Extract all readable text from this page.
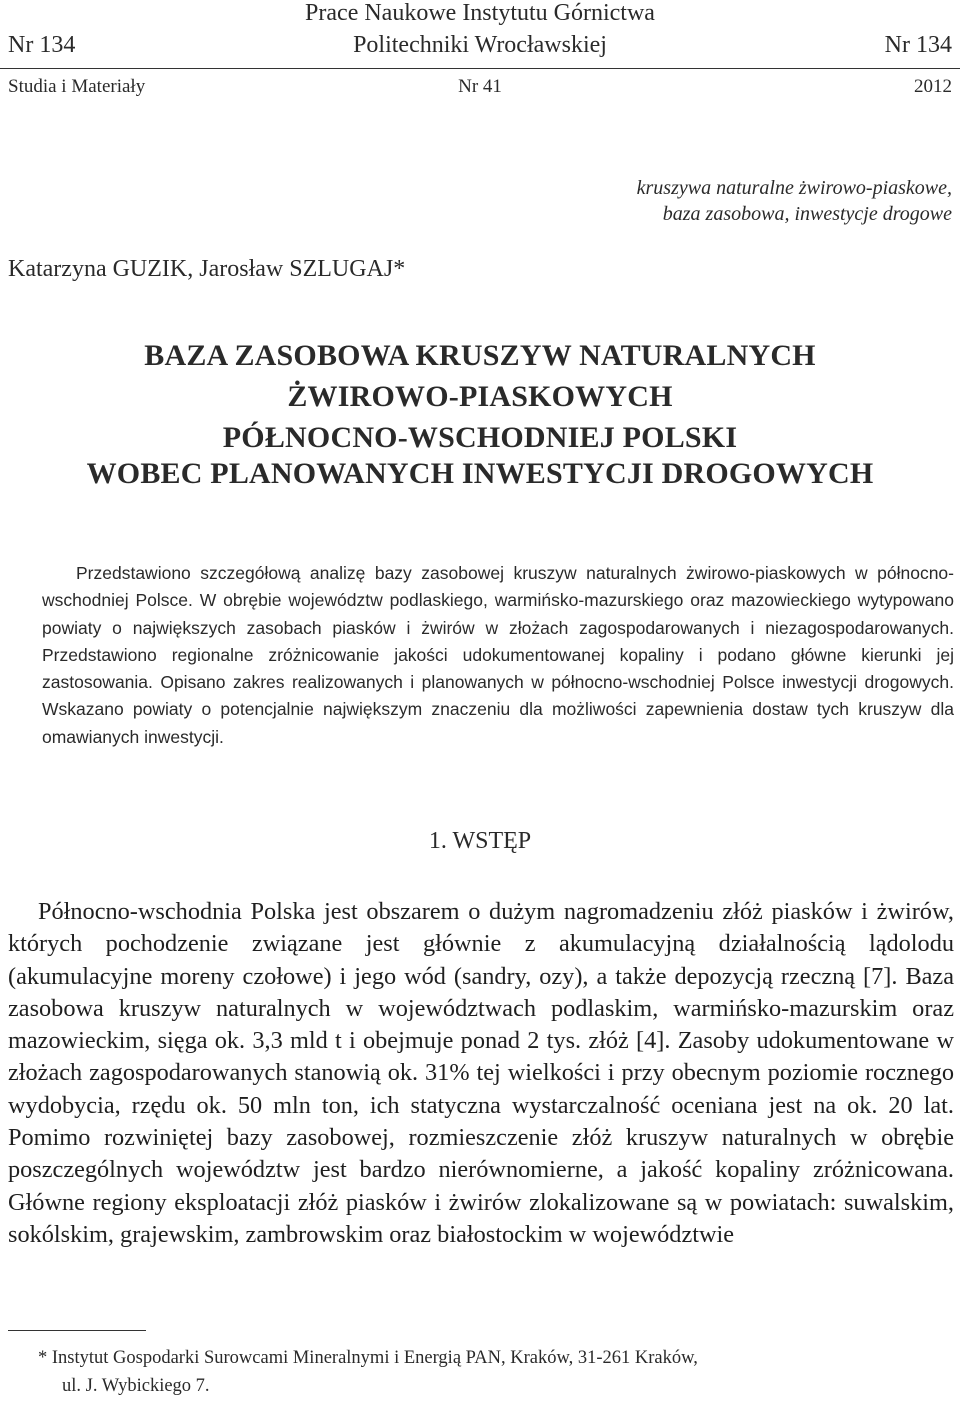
Prace Naukowe Instytutu Górnictwa
Politechniki Wrocławskiej
Nr 134	Nr 134
Studia i Materiały	Nr 41	2012
kruszywa naturalne żwirowo-piaskowe,
baza zasobowa, inwestycje drogowe
Katarzyna GUZIK, Jarosław SZLUGAJ*
BAZA ZASOBOWA KRUSZYW NATURALNYCH
ŻWIROWO-PIASKOWYCH
PÓŁNOCNO-WSCHODNIEJ POLSKI
WOBEC PLANOWANYCH INWESTYCJI DROGOWYCH

Przedstawiono szczegółową analizę bazy zasobowej kruszyw naturalnych żwirowo-piaskowych w północno-wschodniej Polsce. W obrębie województw podlaskiego, warmińsko-mazurskiego oraz mazowieckiego wytypowano powiaty o największych zasobach piasków i żwirów w złożach zagospodarowanych i niezagospodarowanych. Przedstawiono regionalne zróżnicowanie jakości udokumentowanej kopaliny i podano główne kierunki jej zastosowania. Opisano zakres realizowanych i planowanych w północno-wschodniej Polsce inwestycji drogowych. Wskazano powiaty o potencjalnie największym znaczeniu dla możliwości zapewnienia dostaw tych kruszyw dla omawianych inwestycji.

1. WSTĘP

Północno-wschodnia Polska jest obszarem o dużym nagromadzeniu złóż piasków i żwirów, których pochodzenie związane jest głównie z akumulacyjną działalnością lądolodu (akumulacyjne moreny czołowe) i jego wód (sandry, ozy), a także depozycją rzeczną [7]. Baza zasobowa kruszyw naturalnych w województwach podlaskim, warmińsko-mazurskim oraz mazowieckim, sięga ok. 3,3 mld t i obejmuje ponad 2 tys. złóż [4]. Zasoby udokumentowane w złożach zagospodarowanych stanowią ok. 31% tej wielkości i przy obecnym poziomie rocznego wydobycia, rzędu ok. 50 mln ton, ich statyczna wystarczalność oceniana jest na ok. 20 lat. Pomimo rozwiniętej bazy zasobowej, rozmieszczenie złóż kruszyw naturalnych w obrębie poszczególnych województw jest bardzo nierównomierne, a jakość kopaliny zróżnicowana. Główne regiony eksploatacji złóż piasków i żwirów zlokalizowane są w powiatach: suwalskim, sokólskim, grajewskim, zambrowskim oraz białostockim w województwie

* Instytut Gospodarki Surowcami Mineralnymi i Energią PAN, Kraków, 31-261 Kraków,
ul. J. Wybickiego 7.
